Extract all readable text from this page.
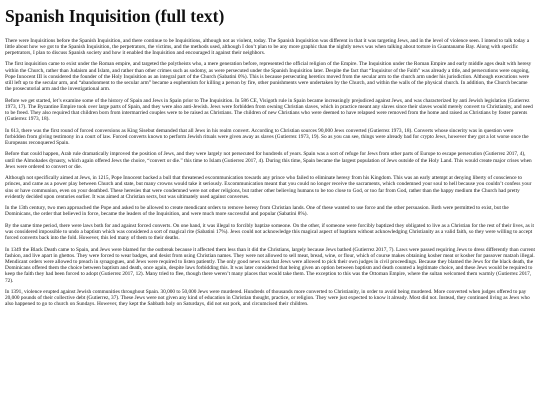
Spanish Inquisition (full text)

There were Inquisitions before the Spanish Inquisition, and there continue to be Inquisitions, although not as violent, today. The Spanish Inquisition was different in that it was targeting Jews, and in the level of violence seen. I intend to talk today a little about how we got to the Spanish Inquisition, the perpetrators, the victims, and the methods used, although I don’t plan to be any more graphic than the nightly news was when talking about torture in Guantanamo Bay. Along with specific perpetrators, I plan to discuss Spanish society and how it enabled the Inquisition and encouraged it against their neighbors.

The first inquisition came to exist under the Roman empire, and targeted the polytheists who, a mere generation before, represented the official religion of the Empire. The Inquisition under the Roman Empire and early middle ages dealt with heresy within the Church, rather than Judaism and Islam, and rather than other crimes such as sodomy, as were persecuted under the Spanish Inquisition later. Despite the fact that “Inquisitor of the Faith” was already a title, and persecutions were ongoing, Pope Innocent III is considered the founder of the Holy Inquisition as an integral part of the Church (Sabatini 0%). This is because persecuting heretics moved from the secular arm to the church arm under his jurisdiction. Although executions were still left up to the secular arm, and “abandonment to the secular arm” became a euphemism for killing a person by fire, other punishments were undertaken by the Church, and within the walls of the physical church. In addition, the Church became the prosecutorial arm and the investigational arm.

Before we get started, let’s examine some of the history of Spain and Jews in Spain prior to The Inquisition. In 586 CE, Visigoth rule in Spain became increasingly prejudiced against Jews, and was characterized by anti Jewish legislation (Gutierrez 1973, 17). The Byzantine Empire took over large parts of Spain, and they were also anti-Jewish. Jews were forbidden from owning Christian slaves, which in practice meant any slaves since their slaves would merely convert to Christianity, and need to be freed. They also required that children born from intermarried couples were to be raised as Christians. The children of new Christians who were deemed to have relapsed were removed from the home and raised as Christians by foster parents (Gutierrez 1973, 18).

In 613, there was the first round of forced conversions as King Sisebut demanded that all Jews in his realm convert. According to Christian sources 90,000 Jews converted (Gutierrez 1973, 18). Converts whose sincerity was in question were forbidden from giving testimony in a court of law. Forced converts known to perform Jewish rituals were given away as slaves (Gutierrez 1973, 19). So as you can see, things were already bad for crypto Jews, however they got a lot worse once the Europeans reconquered Spain.

Before that could happen, Arab rule dramatically improved the position of Jews, and they were largely not persecuted for hundreds of years. Spain was a sort of refuge for Jews from other parts of Europe to escape persecution (Gutierrez 2017, 4), until the Almohades dynasty, which again offered Jews the choice, “convert or die.” this time to Islam (Gutierrez 2017, 4). During this time, Spain became the largest population of Jews outside of the Holy Land. This would create major crises when Jews were ordered to convert or die.

Although not specifically aimed at Jews, in 1215, Pope Innocent backed a bull that threatened excommunication towards any prince who failed to eliminate heresy from his Kingdom. This was an early attempt at denying liberty of conscience to princes, and came as a power play between Church and state, but many crowns would take it seriously. Excommunication meant that you could no longer receive the sacraments, which condemned your soul to hell because you couldn’t confess your sins or have communion, even on your deathbed. These heresies that were condemned were not other religions, but rather other believing humans to be too close to God, or too far from God, rather than the happy medium the Church had pretty evidently decided upon centuries earlier. It was aimed at Christian sects, but was ultimately used against converses.

In the 13th century, two men approached the Pope and asked to be allowed to create mendicant orders to remove heresy from Christian lands. One of these wanted to use force and the other persuasion. Both were permitted to exist, but the Dominicans, the order that believed in force, became the leaders of the Inquisition, and were much more successful and popular (Sabatini 8%).

By the same time period, there were laws both for and against forced converts. On one hand, it was illegal to forcibly baptize someone. On the other, if someone were forcibly baptized they obligated to live as a Christian for the rest of their lives, as it was considered impossible to undo a baptism which was considered a sort of magical rite (Sabatini 17%). Jews could not acknowledge this magical aspect of baptism without acknowledging Christianity as a valid faith, so they were willing to accept forced converts back into the fold. However, this led many of them to their deaths.

In 1349 the Black Death came to Spain, and Jews were blamed for the outbreak because it affected them less than it did the Christians, largely because Jews bathed (Gutierrez 2017, 7). Laws were passed requiring Jews to dress differently than current fashion, and live apart in ghettos. They were forced to wear badges, and desist from using Christian names. They were not allowed to sell meat, bread, wine, or flour, which of course makes obtaining kosher meat or kosher for passover matzoh illegal. Mendicant orders were allowed to preach in synagogues, and Jews were required to listen patiently. The only good news was that Jews were allowed to pick their own judges in civil proceedings. Because they blamed the Jews for the black death, the Dominicans offered them the choice between baptism and death, once again, despite laws forbidding this. It was later considered that being given an option between baptism and death counted a legitimate choice, and these Jews would be required to keep the faith they had been forced to adopt (Gutierrez 2017, 12). Many tried to flee, though there weren’t many places that would take them. The exception to this was the Ottoman Empire, where the sultan welcomed them warmly (Gutierrez 2017, 72).

In 1391, violence erupted against Jewish communities throughout Spain. 30,000 to 50,000 Jews were murdered. Hundreds of thousands more converted to Christianity, in order to avoid being murdered. More converted when judges offered to pay 20,000 pounds of their collective debt (Gutierrez, 37). These Jews were not given any kind of education in Christian thought, practice, or religion. They were just expected to know it already. Most did not. Instead, they continued living as Jews who also happened to go to church on Sundays. However, they kept the Sabbath holy on Saturdays, did not eat pork, and circumcised their children.
